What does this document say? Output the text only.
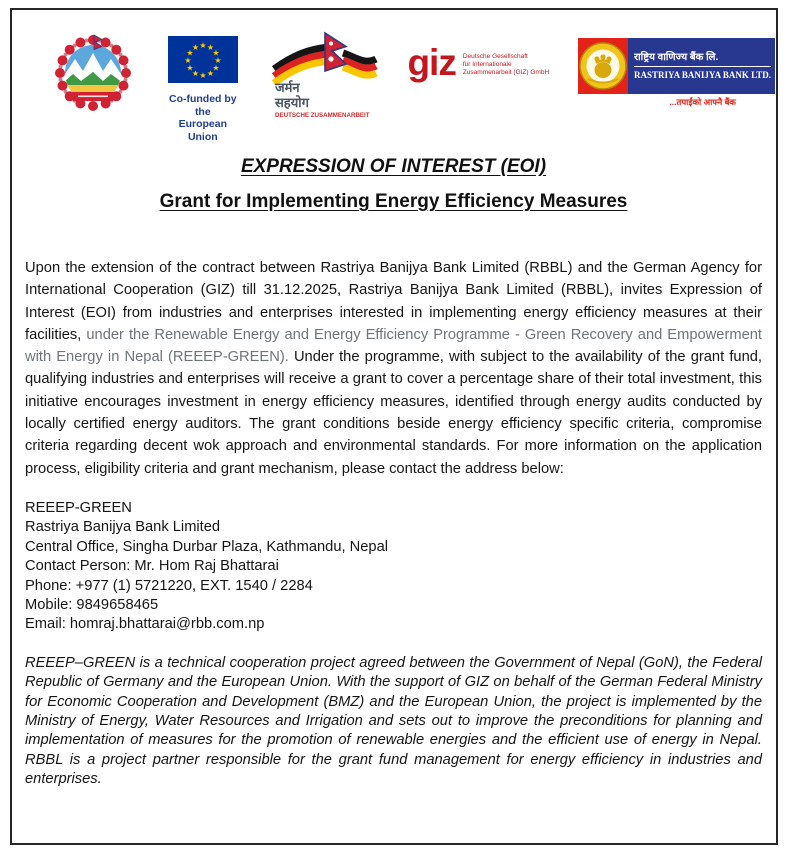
★ ★
★
★
★
★
★
★
★
★
★
★
Co-funded by the
European Union
जर्मन
सहयोग
DEUTSCHE ZUSAMMENARBEIT
giz Deutsche Gesellschaft
für Internationale
Zusammenarbeit (GIZ) GmbH
राष्ट्रिय वाणिज्य बैंक लि.
RASTRIYA BANIJYA BANK LTD.
...तपाईंको आफ्नै बैंक
EXPRESSION OF INTEREST (EOI)
Grant for Implementing Energy Efficiency Measures

Upon the extension of the contract between Rastriya Banijya Bank Limited (RBBL) and the German Agency for International Cooperation (GIZ) till 31.12.2025, Rastriya Banijya Bank Limited (RBBL), invites Expression of Interest (EOI) from industries and enterprises interested in implementing energy efficiency measures at their facilities, under the Renewable Energy and Energy Efficiency Programme - Green Recovery and Empowerment with Energy in Nepal (REEEP-GREEN). Under the programme, with subject to the availability of the grant fund, qualifying industries and enterprises will receive a grant to cover a percentage share of their total investment, this initiative encourages investment in energy efficiency measures, identified through energy audits conducted by locally certified energy auditors. The grant conditions beside energy efficiency specific criteria, compromise criteria regarding decent wok approach and environmental standards. For more information on the application process, eligibility criteria and grant mechanism, please contact the address below:

REEEP-GREEN
Rastriya Banijya Bank Limited
Central Office, Singha Durbar Plaza, Kathmandu, Nepal
Contact Person: Mr. Hom Raj Bhattarai
Phone: +977 (1) 5721220, EXT. 1540 / 2284
Mobile: 9849658465
Email: homraj.bhattarai@rbb.com.np

REEEP–GREEN is a technical cooperation project agreed between the Government of Nepal (GoN), the Federal Republic of Germany and the European Union. With the support of GIZ on behalf of the German Federal Ministry for Economic Cooperation and Development (BMZ) and the European Union, the project is implemented by the Ministry of Energy, Water Resources and Irrigation and sets out to improve the preconditions for planning and implementation of measures for the promotion of renewable energies and the efficient use of energy in Nepal. RBBL is a project partner responsible for the grant fund management for energy efficiency in industries and enterprises.
